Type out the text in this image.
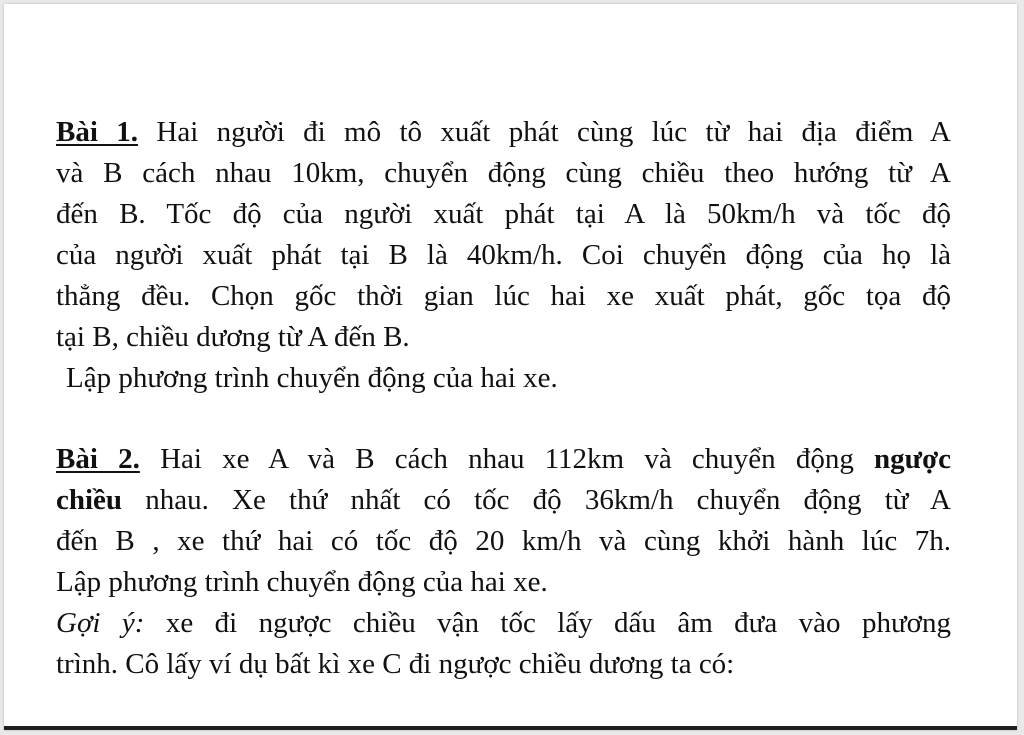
Bài 1. Hai người đi mô tô xuất phát cùng lúc từ hai địa điểm A
và B cách nhau 10km, chuyển động cùng chiều theo hướng từ A
đến B. Tốc độ của người xuất phát tại A là 50km/h và tốc độ
của người xuất phát tại B là 40km/h. Coi chuyển động của họ là
thẳng đều. Chọn gốc thời gian lúc hai xe xuất phát, gốc tọa độ
tại B, chiều dương từ A đến B.
Lập phương trình chuyển động của hai xe.
Bài 2. Hai xe A và B cách nhau 112km và chuyển động ngược
chiều nhau. Xe thứ nhất có tốc độ 36km/h chuyển động từ A
đến B , xe thứ hai có tốc độ 20 km/h và cùng khởi hành lúc 7h.
Lập phương trình chuyển động của hai xe.
Gợi ý: xe đi ngược chiều vận tốc lấy dấu âm đưa vào phương
trình. Cô lấy ví dụ bất kì xe C đi ngược chiều dương ta có:
